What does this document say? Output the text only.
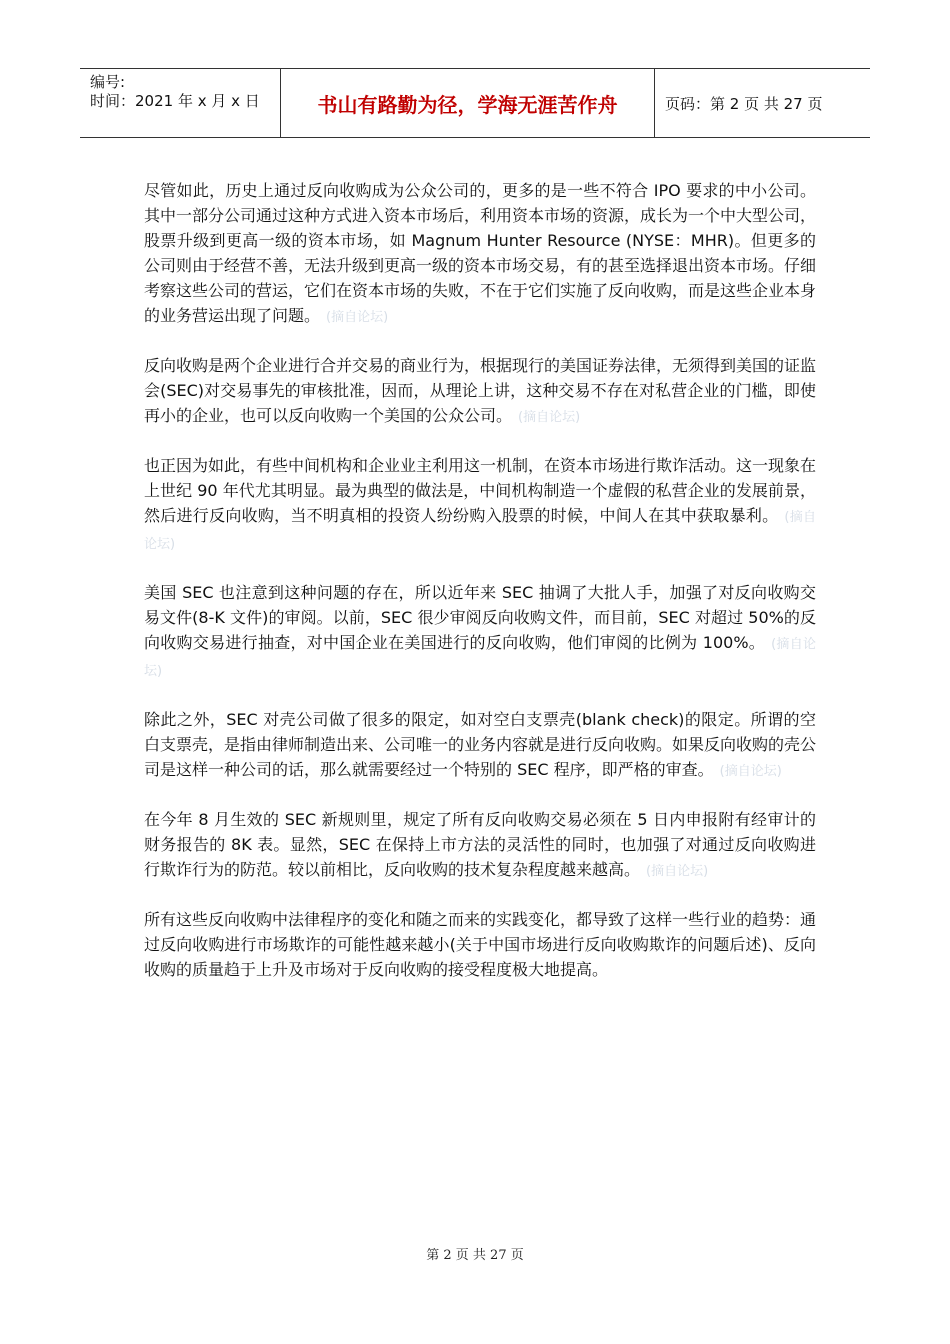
编号:
时间：2021 年 x 月 x 日	书山有路勤为径，学海无涯苦作舟	页码：第 2 页 共 27 页

尽管如此，历史上通过反向收购成为公众公司的，更多的是一些不符合 IPO 要求的中小公司。其中一部分公司通过这种方式进入资本市场后，利用资本市场的资源，成长为一个中大型公司，股票升级到更高一级的资本市场，如 Magnum Hunter Resource (NYSE：MHR)。但更多的公司则由于经营不善，无法升级到更高一级的资本市场交易，有的甚至选择退出资本市场。仔细考察这些公司的营运，它们在资本市场的失败，不在于它们实施了反向收购，而是这些企业本身的业务营运出现了问题。 (摘自论坛)

反向收购是两个企业进行合并交易的商业行为，根据现行的美国证券法律，无须得到美国的证监会(SEC)对交易事先的审核批准，因而，从理论上讲，这种交易不存在对私营企业的门槛，即使再小的企业，也可以反向收购一个美国的公众公司。 (摘自论坛)

也正因为如此，有些中间机构和企业业主利用这一机制，在资本市场进行欺诈活动。这一现象在上世纪 90 年代尤其明显。最为典型的做法是，中间机构制造一个虚假的私营企业的发展前景，然后进行反向收购，当不明真相的投资人纷纷购入股票的时候，中间人在其中获取暴利。 (摘自论坛)

美国 SEC 也注意到这种问题的存在，所以近年来 SEC 抽调了大批人手，加强了对反向收购交易文件(8-K 文件)的审阅。以前，SEC 很少审阅反向收购文件，而目前，SEC 对超过 50%的反向收购交易进行抽查，对中国企业在美国进行的反向收购，他们审阅的比例为 100%。 (摘自论坛)

除此之外，SEC 对壳公司做了很多的限定，如对空白支票壳(blank check)的限定。所谓的空白支票壳，是指由律师制造出来、公司唯一的业务内容就是进行反向收购。如果反向收购的壳公司是这样一种公司的话，那么就需要经过一个特别的 SEC 程序，即严格的审查。 (摘自论坛)

在今年 8 月生效的 SEC 新规则里，规定了所有反向收购交易必须在 5 日内申报附有经审计的财务报告的 8K 表。显然，SEC 在保持上市方法的灵活性的同时，也加强了对通过反向收购进行欺诈行为的防范。较以前相比，反向收购的技术复杂程度越来越高。 (摘自论坛)

所有这些反向收购中法律程序的变化和随之而来的实践变化，都导致了这样一些行业的趋势：通过反向收购进行市场欺诈的可能性越来越小(关于中国市场进行反向收购欺诈的问题后述)、反向收购的质量趋于上升及市场对于反向收购的接受程度极大地提高。

第 2 页 共 27 页
